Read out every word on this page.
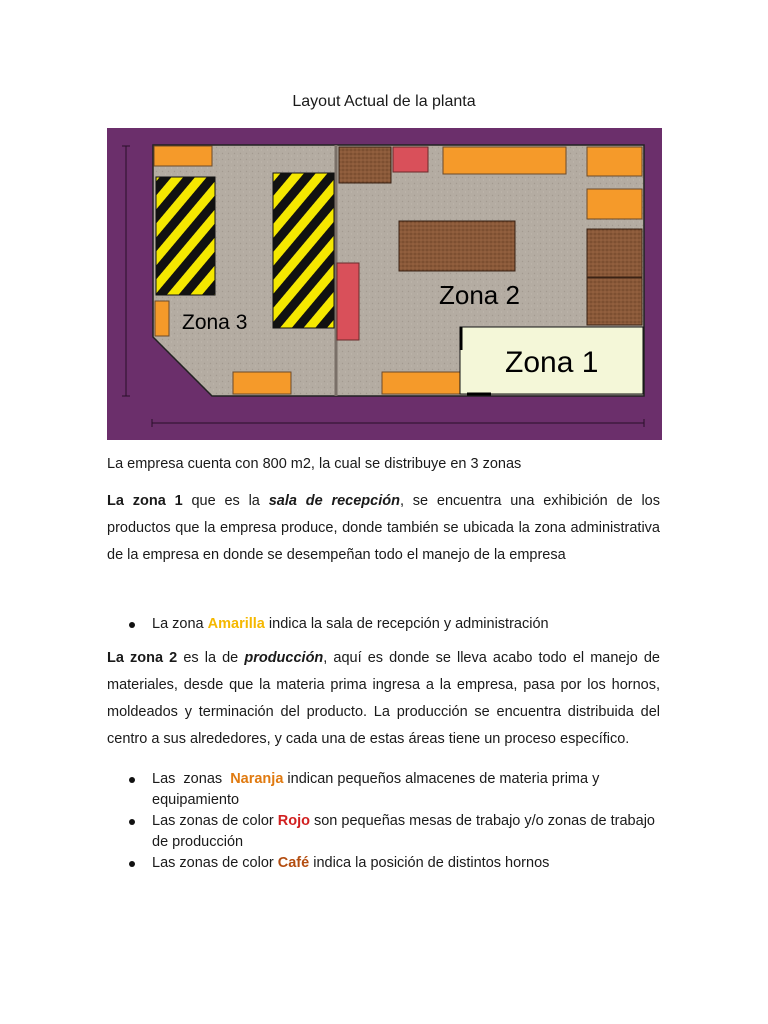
Layout Actual de la planta
Zona 1
Zona 2
Zona 3
La empresa cuenta con 800 m2, la cual se distribuye en 3 zonas
La zona 1 que es la sala de recepción, se encuentra una exhibición de los productos que la empresa produce, donde también se ubicada la zona administrativa de la empresa en donde se desempeñan todo el manejo de la empresa
La zona Amarilla indica la sala de recepción y administración
La zona 2 es la de producción, aquí es donde se lleva acabo todo el manejo de materiales, desde que la materia prima ingresa a la empresa, pasa por los hornos, moldeados y terminación del producto. La producción se encuentra distribuida del centro a sus alrededores, y cada una de estas áreas tiene un proceso específico.
Las  zonas  Naranja indican pequeños almacenes de materia prima y equipamiento
Las zonas de color Rojo son pequeñas mesas de trabajo y/o zonas de trabajo de producción
Las zonas de color Café indica la posición de distintos hornos
